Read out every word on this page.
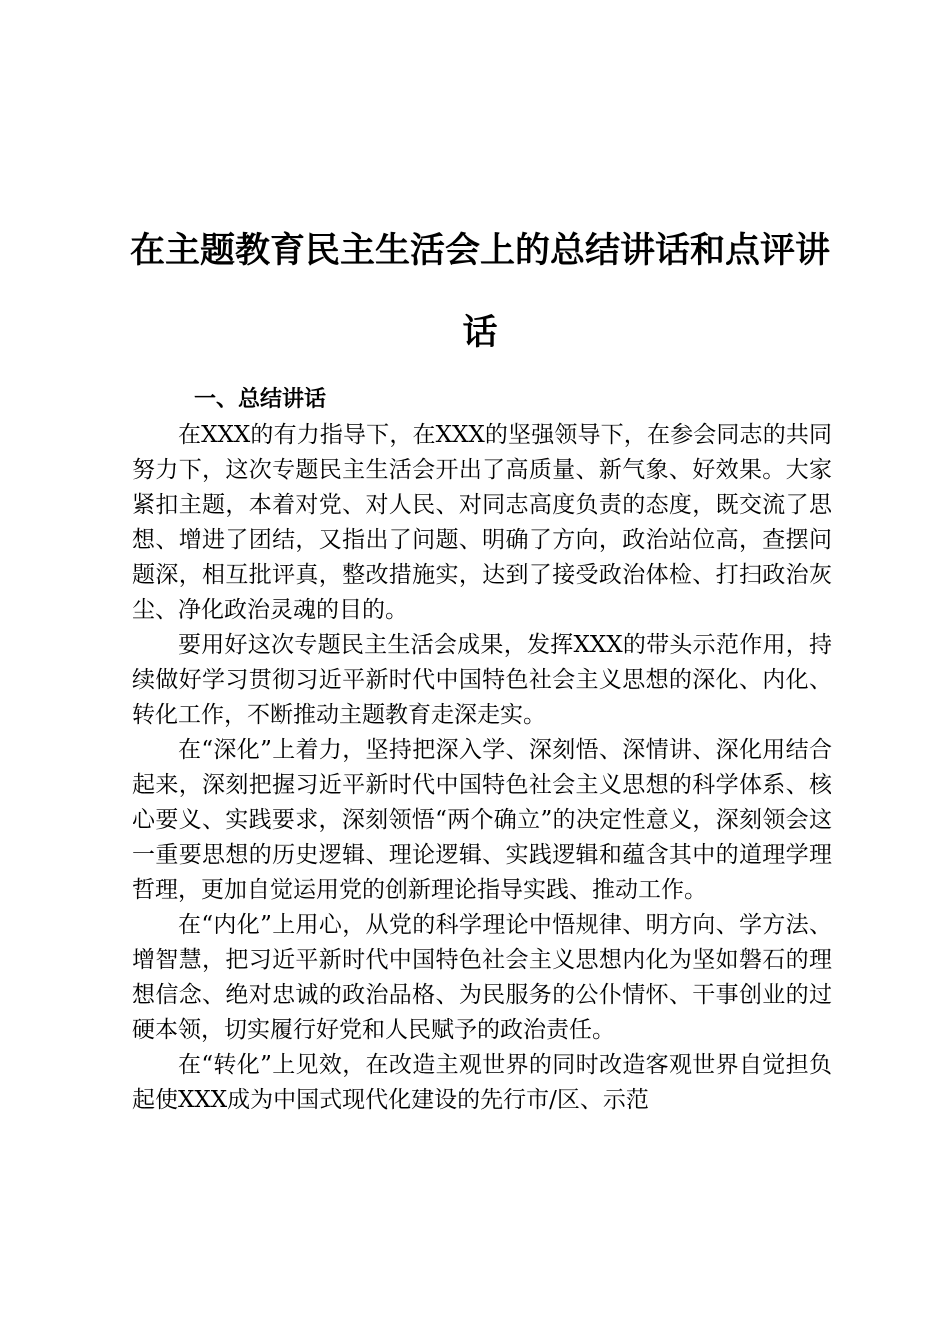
在主题教育民主生活会上的总结讲话和点评讲话
一、总结讲话

在XXX的有力指导下，在XXX的坚强领导下，在参会同志的共同努力下，这次专题民主生活会开出了高质量、新气象、好效果。大家紧扣主题，本着对党、对人民、对同志高度负责的态度，既交流了思想、增进了团结，又指出了问题、明确了方向，政治站位高，查摆问题深，相互批评真，整改措施实，达到了接受政治体检、打扫政治灰尘、净化政治灵魂的目的。

要用好这次专题民主生活会成果，发挥XXX的带头示范作用，持续做好学习贯彻习近平新时代中国特色社会主义思想的深化、内化、转化工作，不断推动主题教育走深走实。

在“深化”上着力，坚持把深入学、深刻悟、深情讲、深化用结合起来，深刻把握习近平新时代中国特色社会主义思想的科学体系、核心要义、实践要求，深刻领悟“两个确立”的决定性意义，深刻领会这一重要思想的历史逻辑、理论逻辑、实践逻辑和蕴含其中的道理学理哲理，更加自觉运用党的创新理论指导实践、推动工作。

在“内化”上用心，从党的科学理论中悟规律、明方向、学方法、增智慧，把习近平新时代中国特色社会主义思想内化为坚如磐石的理想信念、绝对忠诚的政治品格、为民服务的公仆情怀、干事创业的过硬本领，切实履行好党和人民赋予的政治责任。

在“转化”上见效，在改造主观世界的同时改造客观世界自觉担负起使XXX成为中国式现代化建设的先行市/区、示范
